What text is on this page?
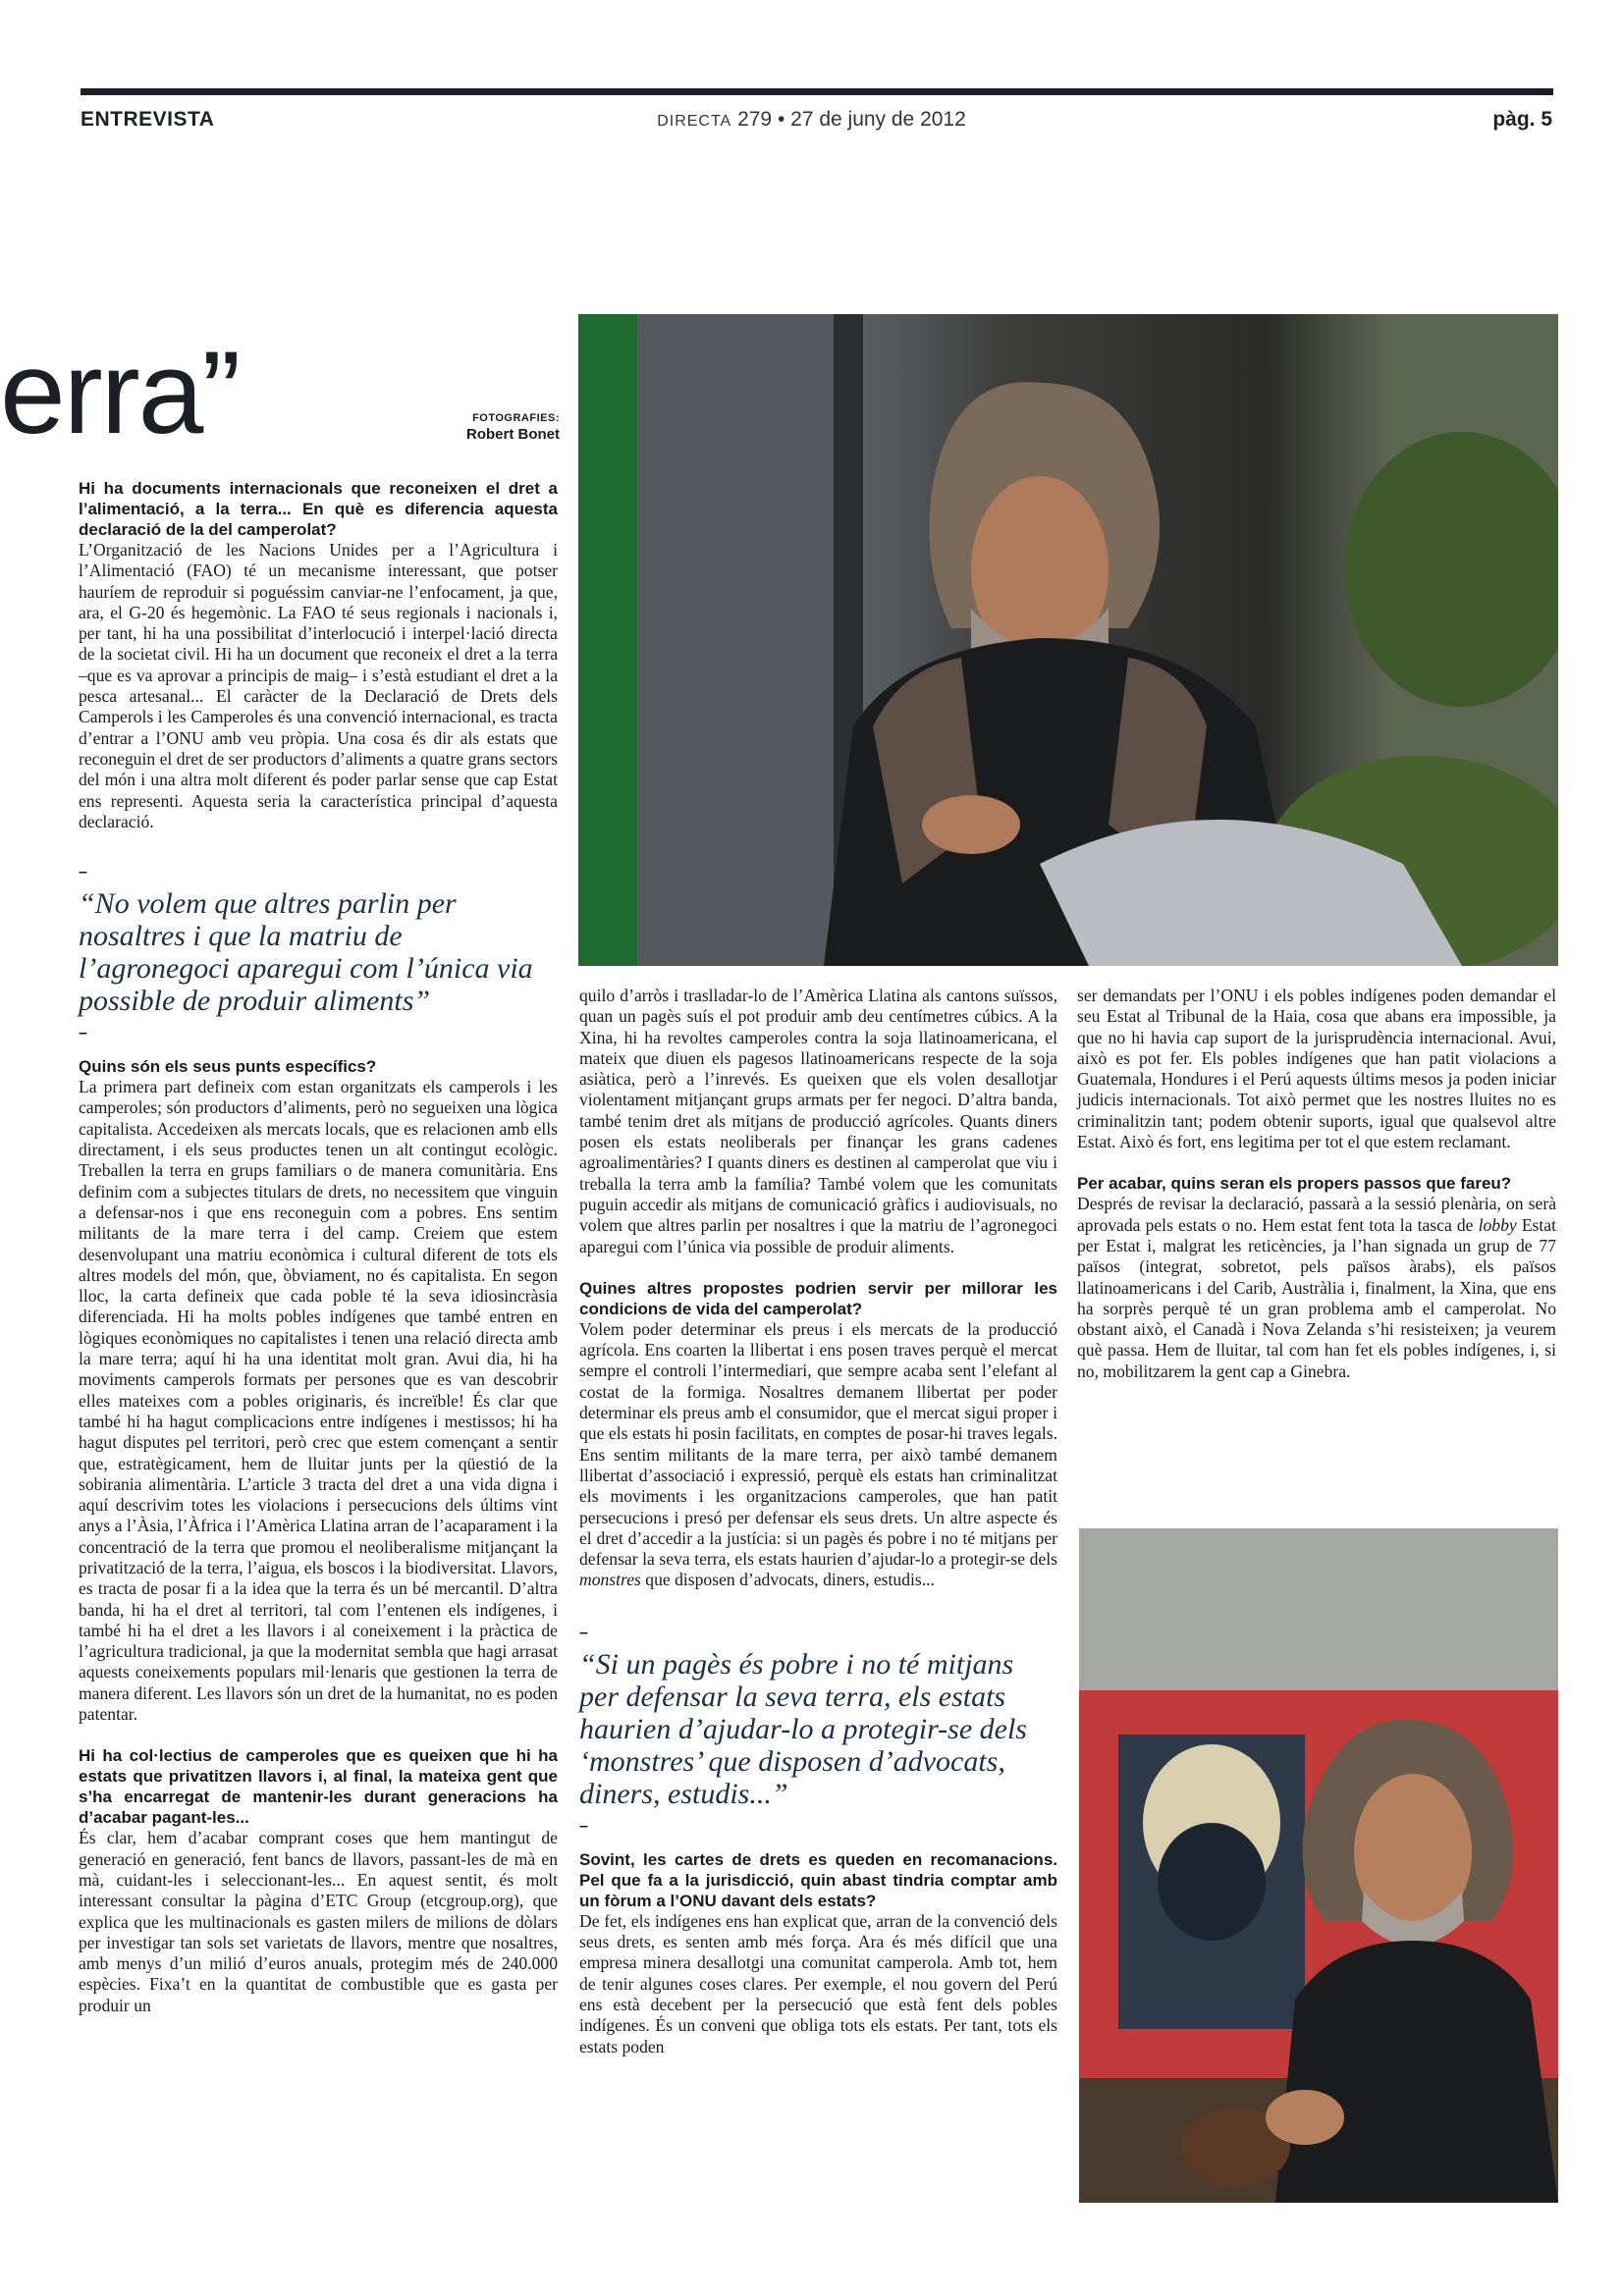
ENTREVISTA	DIRECTA 279 • 27 de juny de 2012	pàg. 5
erra”	FOTOGRAFIES:
Robert Bonet

Hi ha documents internacionals que reconeixen el dret a l’alimentació, a la terra... En què es diferencia aquesta declaració de la del camperolat?

L’Organització de les Nacions Unides per a l’Agricultura i l’Alimentació (FAO) té un mecanisme interessant, que potser hauríem de reproduir si poguéssim canviar-ne l’enfocament, ja que, ara, el G-20 és hegemònic. La FAO té seus regionals i nacionals i, per tant, hi ha una possibilitat d’interlocució i interpel·lació directa de la societat civil. Hi ha un document que reconeix el dret a la terra –que es va aprovar a principis de maig– i s’està estudiant el dret a la pesca artesanal... El caràcter de la Declaració de Drets dels Camperols i les Camperoles és una convenció internacional, es tracta d’entrar a l’ONU amb veu pròpia. Una cosa és dir als estats que reconeguin el dret de ser productors d’aliments a quatre grans sectors del món i una altra molt diferent és poder parlar sense que cap Estat ens representi. Aquesta seria la característica principal d’aquesta declaració.

–

“No volem que altres parlin per nosaltres i que la matriu de l’agronegoci aparegui com l’única via possible de produir aliments”

–

Quins són els seus punts específics?

La primera part defineix com estan organitzats els camperols i les camperoles; són productors d’aliments, però no segueixen una lògica capitalista. Accedeixen als mercats locals, que es relacionen amb ells directament, i els seus productes tenen un alt contingut ecològic. Treballen la terra en grups familiars o de manera comunitària. Ens definim com a subjectes titulars de drets, no necessitem que vinguin a defensar-nos i que ens reconeguin com a pobres. Ens sentim militants de la mare terra i del camp. Creiem que estem desenvolupant una matriu econòmica i cultural diferent de tots els altres models del món, que, òbviament, no és capitalista. En segon lloc, la carta defineix que cada poble té la seva idiosincràsia diferenciada. Hi ha molts pobles indígenes que també entren en lògiques econòmiques no capitalistes i tenen una relació directa amb la mare terra; aquí hi ha una identitat molt gran. Avui dia, hi ha moviments camperols formats per persones que es van descobrir elles mateixes com a pobles originaris, és increïble! És clar que també hi ha hagut complicacions entre indígenes i mestissos; hi ha hagut disputes pel territori, però crec que estem començant a sentir que, estratègicament, hem de lluitar junts per la qüestió de la sobirania alimentària. L’article 3 tracta del dret a una vida digna i aquí descrivim totes les violacions i persecucions dels últims vint anys a l’Àsia, l’Àfrica i l’Amèrica Llatina arran de l’acaparament i la concentració de la terra que promou el neoliberalisme mitjançant la privatització de la terra, l’aigua, els boscos i la biodiversitat. Llavors, es tracta de posar fi a la idea que la terra és un bé mercantil. D’altra banda, hi ha el dret al territori, tal com l’entenen els indígenes, i també hi ha el dret a les llavors i al coneixement i la pràctica de l’agricultura tradicional, ja que la modernitat sembla que hagi arrasat aquests coneixements populars mil·lenaris que gestionen la terra de manera diferent. Les llavors són un dret de la humanitat, no es poden patentar.

Hi ha col·lectius de camperoles que es queixen que hi ha estats que privatitzen llavors i, al final, la mateixa gent que s’ha encarregat de mantenir-les durant generacions ha d’acabar pagant-les...

És clar, hem d’acabar comprant coses que hem mantingut de generació en generació, fent bancs de llavors, passant-les de mà en mà, cuidant-les i seleccionant-les... En aquest sentit, és molt interessant consultar la pàgina d’ETC Group (etcgroup.org), que explica que les multinacionals es gasten milers de milions de dòlars per investigar tan sols set varietats de llavors, mentre que nosaltres, amb menys d’un milió d’euros anuals, protegim més de 240.000 espècies. Fixa’t en la quantitat de combustible que es gasta per produir un

quilo d’arròs i traslladar-lo de l’Amèrica Llatina als cantons suïssos, quan un pagès suís el pot produir amb deu centímetres cúbics. A la Xina, hi ha revoltes camperoles contra la soja llatinoamericana, el mateix que diuen els pagesos llatinoamericans respecte de la soja asiàtica, però a l’inrevés. Es queixen que els volen desallotjar violentament mitjançant grups armats per fer negoci. D’altra banda, també tenim dret als mitjans de producció agrícoles. Quants diners posen els estats neoliberals per finançar les grans cadenes agroalimentàries? I quants diners es destinen al camperolat que viu i treballa la terra amb la família? També volem que les comunitats puguin accedir als mitjans de comunicació gràfics i audiovisuals, no volem que altres parlin per nosaltres i que la matriu de l’agronegoci aparegui com l’única via possible de produir aliments.

Quines altres propostes podrien servir per millorar les condicions de vida del camperolat?

Volem poder determinar els preus i els mercats de la producció agrícola. Ens coarten la llibertat i ens posen traves perquè el mercat sempre el controli l’intermediari, que sempre acaba sent l’elefant al costat de la formiga. Nosaltres demanem llibertat per poder determinar els preus amb el consumidor, que el mercat sigui proper i que els estats hi posin facilitats, en comptes de posar-hi traves legals. Ens sentim militants de la mare terra, per això també demanem llibertat d’associació i expressió, perquè els estats han criminalitzat els moviments i les organitzacions camperoles, que han patit persecucions i presó per defensar els seus drets. Un altre aspecte és el dret d’accedir a la justícia: si un pagès és pobre i no té mitjans per defensar la seva terra, els estats haurien d’ajudar-lo a protegir-se dels monstres que disposen d’advocats, diners, estudis...

–

“Si un pagès és pobre i no té mitjans per defensar la seva terra, els estats haurien d’ajudar-lo a protegir-se dels ‘monstres’ que disposen d’advocats, diners, estudis...”

–

Sovint, les cartes de drets es queden en recomanacions. Pel que fa a la jurisdicció, quin abast tindria comptar amb un fòrum a l’ONU davant dels estats?

De fet, els indígenes ens han explicat que, arran de la convenció dels seus drets, es senten amb més força. Ara és més difícil que una empresa minera desallotgi una comunitat camperola. Amb tot, hem de tenir algunes coses clares. Per exemple, el nou govern del Perú ens està decebent per la persecució que està fent dels pobles indígenes. És un conveni que obliga tots els estats. Per tant, tots els estats poden

ser demandats per l’ONU i els pobles indígenes poden demandar el seu Estat al Tribunal de la Haia, cosa que abans era impossible, ja que no hi havia cap suport de la jurisprudència internacional. Avui, això es pot fer. Els pobles indígenes que han patit violacions a Guatemala, Hondures i el Perú aquests últims mesos ja poden iniciar judicis internacionals. Tot això permet que les nostres lluites no es criminalitzin tant; podem obtenir suports, igual que qualsevol altre Estat. Això és fort, ens legitima per tot el que estem reclamant.

Per acabar, quins seran els propers passos que fareu?

Després de revisar la declaració, passarà a la sessió plenària, on serà aprovada pels estats o no. Hem estat fent tota la tasca de lobby Estat per Estat i, malgrat les reticències, ja l’han signada un grup de 77 països (integrat, sobretot, pels països àrabs), els països llatinoamericans i del Carib, Austràlia i, finalment, la Xina, que ens ha sorprès perquè té un gran problema amb el camperolat. No obstant això, el Canadà i Nova Zelanda s’hi resisteixen; ja veurem què passa. Hem de lluitar, tal com han fet els pobles indígenes, i, si no, mobilitzarem la gent cap a Ginebra.
